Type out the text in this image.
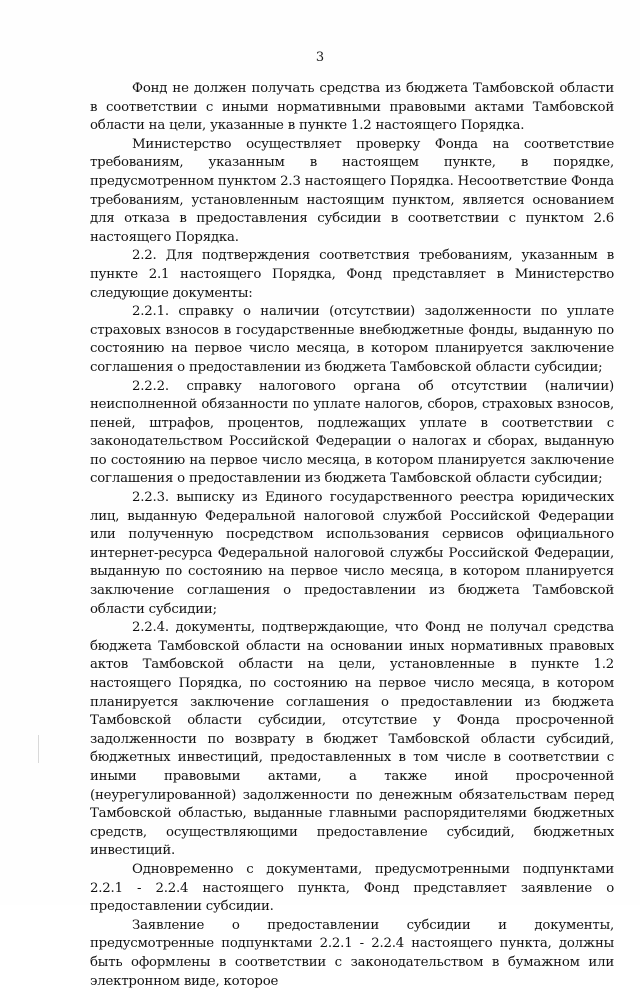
3

Фонд не должен получать средства из бюджета Тамбовской области в соответствии с иными нормативными правовыми актами Тамбовской области на цели, указанные в пункте 1.2 настоящего Порядка.

Министерство осуществляет проверку Фонда на соответствие требованиям, указанным в настоящем пункте, в порядке, предусмотренном пунктом 2.3 настоящего Порядка. Несоответствие Фонда требованиям, установленным настоящим пунктом, является основанием для отказа в предоставления субсидии в соответствии с пунктом 2.6 настоящего Порядка.

2.2. Для подтверждения соответствия требованиям, указанным в пункте 2.1 настоящего Порядка, Фонд представляет в Министерство следующие документы:

2.2.1. справку о наличии (отсутствии) задолженности по уплате страховых взносов в государственные внебюджетные фонды, выданную по состоянию на первое число месяца, в котором планируется заключение соглашения о предоставлении из бюджета Тамбовской области субсидии;

2.2.2. справку налогового органа об отсутствии (наличии) неисполненной обязанности по уплате налогов, сборов, страховых взносов, пеней, штрафов, процентов, подлежащих уплате в соответствии с законодательством Российской Федерации о налогах и сборах, выданную по состоянию на первое число месяца, в котором планируется заключение соглашения о предоставлении из бюджета Тамбовской области субсидии;

2.2.3. выписку из Единого государственного реестра юридических лиц, выданную Федеральной налоговой службой Российской Федерации или полученную посредством использования сервисов официального интернет-ресурса Федеральной налоговой службы Российской Федерации, выданную по состоянию на первое число месяца, в котором планируется заключение соглашения о предоставлении из бюджета Тамбовской области субсидии;

2.2.4. документы, подтверждающие, что Фонд не получал средства бюджета Тамбовской области на основании иных нормативных правовых актов Тамбовской области на цели, установленные в пункте 1.2 настоящего Порядка, по состоянию на первое число месяца, в котором планируется заключение соглашения о предоставлении из бюджета Тамбовской области субсидии, отсутствие у Фонда просроченной задолженности по возврату в бюджет Тамбовской области субсидий, бюджетных инвестиций, предоставленных в том числе в соответствии с иными правовыми актами, а также иной просроченной (неурегулированной) задолженности по денежным обязательствам перед Тамбовской областью, выданные главными распорядителями бюджетных средств, осуществляющими предоставление субсидий, бюджетных инвестиций.

Одновременно с документами, предусмотренными подпунктами 2.2.1 - 2.2.4 настоящего пункта, Фонд представляет заявление о предоставлении субсидии.

Заявление о предоставлении субсидии и документы, предусмотренные подпунктами 2.2.1 - 2.2.4 настоящего пункта, должны быть оформлены в соответствии с законодательством в бумажном или электронном виде, которое
